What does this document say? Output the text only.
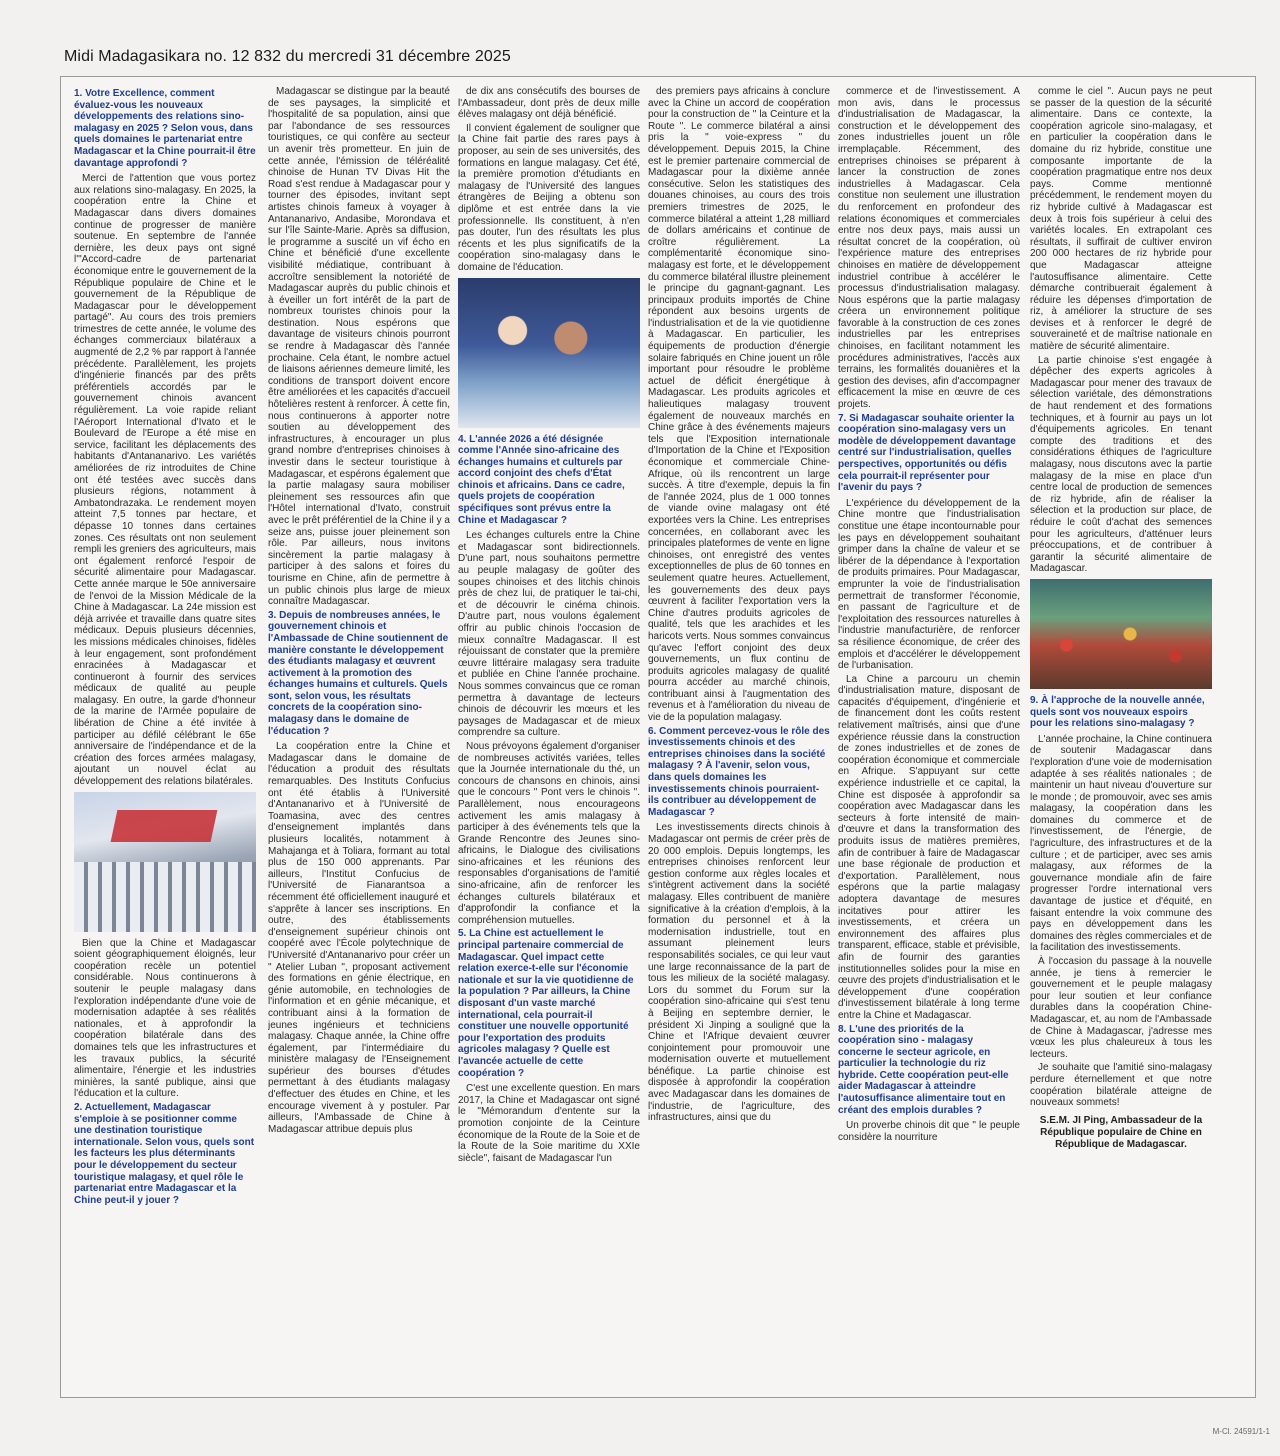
Midi Madagasikara no. 12 832 du mercredi 31 décembre 2025
1. Votre Excellence, comment évaluez-vous les nouveaux développements des relations sino-malagasy en 2025 ? Selon vous, dans quels domaines le partenariat entre Madagascar et la Chine pourrait-il être davantage approfondi ?

Merci de l'attention que vous portez aux relations sino-malagasy. En 2025, la coopération entre la Chine et Madagascar dans divers domaines continue de progresser de manière soutenue. En septembre de l'année dernière, les deux pays ont signé l'"Accord-cadre de partenariat économique entre le gouvernement de la République populaire de Chine et le gouvernement de la République de Madagascar pour le développement partagé". Au cours des trois premiers trimestres de cette année, le volume des échanges commerciaux bilatéraux a augmenté de 2,2 % par rapport à l'année précédente. Parallèlement, les projets d'ingénierie financés par des prêts préférentiels accordés par le gouvernement chinois avancent régulièrement. La voie rapide reliant l'Aéroport International d'Ivato et le Boulevard de l'Europe a été mise en service, facilitant les déplacements des habitants d'Antananarivo. Les variétés améliorées de riz introduites de Chine ont été testées avec succès dans plusieurs régions, notamment à Ambatondrazaka. Le rendement moyen atteint 7,5 tonnes par hectare, et dépasse 10 tonnes dans certaines zones. Ces résultats ont non seulement rempli les greniers des agriculteurs, mais ont également renforcé l'espoir de sécurité alimentaire pour Madagascar. Cette année marque le 50e anniversaire de l'envoi de la Mission Médicale de la Chine à Madagascar. La 24e mission est déjà arrivée et travaille dans quatre sites médicaux. Depuis plusieurs décennies, les missions médicales chinoises, fidèles à leur engagement, sont profondément enracinées à Madagascar et continueront à fournir des services médicaux de qualité au peuple malagasy. En outre, la garde d'honneur de la marine de l'Armée populaire de libération de Chine a été invitée à participer au défilé célébrant le 65e anniversaire de l'indépendance et de la création des forces armées malagasy, ajoutant un nouvel éclat au développement des relations bilatérales.

Bien que la Chine et Madagascar soient géographiquement éloignés, leur coopération recèle un potentiel considérable. Nous continuerons à soutenir le peuple malagasy dans l'exploration indépendante d'une voie de modernisation adaptée à ses réalités nationales, et à approfondir la coopération bilatérale dans des domaines tels que les infrastructures et les travaux publics, la sécurité alimentaire, l'énergie et les industries minières, la santé publique, ainsi que l'éducation et la culture.

2. Actuellement, Madagascar s'emploie à se positionner comme une destination touristique internationale. Selon vous, quels sont les facteurs les plus déterminants pour le développement du secteur touristique malagasy, et quel rôle le partenariat entre Madagascar et la Chine peut-il y jouer ?

Madagascar se distingue par la beauté de ses paysages, la simplicité et l'hospitalité de sa population, ainsi que par l'abondance de ses ressources touristiques, ce qui confère au secteur un avenir très prometteur. En juin de cette année, l'émission de téléréalité chinoise de Hunan TV Divas Hit the Road s'est rendue à Madagascar pour y tourner des épisodes, invitant sept artistes chinois fameux à voyager à Antananarivo, Andasibe, Morondava et sur l'île Sainte-Marie. Après sa diffusion, le programme a suscité un vif écho en Chine et bénéficié d'une excellente visibilité médiatique, contribuant à accroître sensiblement la notoriété de Madagascar auprès du public chinois et à éveiller un fort intérêt de la part de nombreux touristes chinois pour la destination. Nous espérons que davantage de visiteurs chinois pourront se rendre à Madagascar dès l'année prochaine. Cela étant, le nombre actuel de liaisons aériennes demeure limité, les conditions de transport doivent encore être améliorées et les capacités d'accueil hôtelières restent à renforcer. À cette fin, nous continuerons à apporter notre soutien au développement des infrastructures, à encourager un plus grand nombre d'entreprises chinoises à investir dans le secteur touristique à Madagascar, et espérons également que la partie malagasy saura mobiliser pleinement ses ressources afin que l'Hôtel international d'Ivato, construit avec le prêt préférentiel de la Chine il y a seize ans, puisse jouer pleinement son rôle. Par ailleurs, nous invitons sincèrement la partie malagasy à participer à des salons et foires du tourisme en Chine, afin de permettre à un public chinois plus large de mieux connaître Madagascar.

3. Depuis de nombreuses années, le gouvernement chinois et l'Ambassade de Chine soutiennent de manière constante le développement des étudiants malagasy et œuvrent activement à la promotion des échanges humains et culturels. Quels sont, selon vous, les résultats concrets de la coopération sino-malagasy dans le domaine de l'éducation ?

La coopération entre la Chine et Madagascar dans le domaine de l'éducation a produit des résultats remarquables. Des Instituts Confucius ont été établis à l'Université d'Antananarivo et à l'Université de Toamasina, avec des centres d'enseignement implantés dans plusieurs localités, notamment à Mahajanga et à Toliara, formant au total plus de 150 000 apprenants. Par ailleurs, l'Institut Confucius de l'Université de Fianarantsoa a récemment été officiellement inauguré et s'apprête à lancer ses inscriptions. En outre, des établissements d'enseignement supérieur chinois ont coopéré avec l'École polytechnique de l'Université d'Antananarivo pour créer un " Atelier Luban ", proposant activement des formations en génie électrique, en génie automobile, en technologies de l'information et en génie mécanique, et contribuant ainsi à la formation de jeunes ingénieurs et techniciens malagasy. Chaque année, la Chine offre également, par l'intermédiaire du ministère malagasy de l'Enseignement supérieur des bourses d'études permettant à des étudiants malagasy d'effectuer des études en Chine, et les encourage vivement à y postuler. Par ailleurs, l'Ambassade de Chine à Madagascar attribue depuis plus

de dix ans consécutifs des bourses de l'Ambassadeur, dont près de deux mille élèves malagasy ont déjà bénéficié.

Il convient également de souligner que la Chine fait partie des rares pays à proposer, au sein de ses universités, des formations en langue malagasy. Cet été, la première promotion d'étudiants en malagasy de l'Université des langues étrangères de Beijing a obtenu son diplôme et est entrée dans la vie professionnelle. Ils constituent, à n'en pas douter, l'un des résultats les plus récents et les plus significatifs de la coopération sino-malagasy dans le domaine de l'éducation.

4. L'année 2026 a été désignée comme l'Année sino-africaine des échanges humains et culturels par accord conjoint des chefs d'État chinois et africains. Dans ce cadre, quels projets de coopération spécifiques sont prévus entre la Chine et Madagascar ?

Les échanges culturels entre la Chine et Madagascar sont bidirectionnels. D'une part, nous souhaitons permettre au peuple malagasy de goûter des soupes chinoises et des litchis chinois près de chez lui, de pratiquer le tai-chi, et de découvrir le cinéma chinois. D'autre part, nous voulons également offrir au public chinois l'occasion de mieux connaître Madagascar. Il est réjouissant de constater que la première œuvre littéraire malagasy sera traduite et publiée en Chine l'année prochaine. Nous sommes convaincus que ce roman permettra à davantage de lecteurs chinois de découvrir les mœurs et les paysages de Madagascar et de mieux comprendre sa culture.

Nous prévoyons également d'organiser de nombreuses activités variées, telles que la Journée internationale du thé, un concours de chansons en chinois, ainsi que le concours " Pont vers le chinois ". Parallèlement, nous encourageons activement les amis malagasy à participer à des événements tels que la Grande Rencontre des Jeunes sino-africains, le Dialogue des civilisations sino-africaines et les réunions des responsables d'organisations de l'amitié sino-africaine, afin de renforcer les échanges culturels bilatéraux et d'approfondir la confiance et la compréhension mutuelles.

5. La Chine est actuellement le principal partenaire commercial de Madagascar. Quel impact cette relation exerce-t-elle sur l'économie nationale et sur la vie quotidienne de la population ? Par ailleurs, la Chine disposant d'un vaste marché international, cela pourrait-il constituer une nouvelle opportunité pour l'exportation des produits agricoles malagasy ? Quelle est l'avancée actuelle de cette coopération ?

C'est une excellente question. En mars 2017, la Chine et Madagascar ont signé le "Mémorandum d'entente sur la promotion conjointe de la Ceinture économique de la Route de la Soie et de la Route de la Soie maritime du XXIe siècle", faisant de Madagascar l'un

des premiers pays africains à conclure avec la Chine un accord de coopération pour la construction de " la Ceinture et la Route ". Le commerce bilatéral a ainsi pris la " voie-express " du développement. Depuis 2015, la Chine est le premier partenaire commercial de Madagascar pour la dixième année consécutive. Selon les statistiques des douanes chinoises, au cours des trois premiers trimestres de 2025, le commerce bilatéral a atteint 1,28 milliard de dollars américains et continue de croître régulièrement. La complémentarité économique sino-malagasy est forte, et le développement du commerce bilatéral illustre pleinement le principe du gagnant-gagnant. Les principaux produits importés de Chine répondent aux besoins urgents de l'industrialisation et de la vie quotidienne à Madagascar. En particulier, les équipements de production d'énergie solaire fabriqués en Chine jouent un rôle important pour résoudre le problème actuel de déficit énergétique à Madagascar. Les produits agricoles et halieutiques malagasy trouvent également de nouveaux marchés en Chine grâce à des événements majeurs tels que l'Exposition internationale d'Importation de la Chine et l'Exposition économique et commerciale Chine-Afrique, où ils rencontrent un large succès. À titre d'exemple, depuis la fin de l'année 2024, plus de 1 000 tonnes de viande ovine malagasy ont été exportées vers la Chine. Les entreprises concernées, en collaborant avec les principales plateformes de vente en ligne chinoises, ont enregistré des ventes exceptionnelles de plus de 60 tonnes en seulement quatre heures. Actuellement, les gouvernements des deux pays œuvrent à faciliter l'exportation vers la Chine d'autres produits agricoles de qualité, tels que les arachides et les haricots verts. Nous sommes convaincus qu'avec l'effort conjoint des deux gouvernements, un flux continu de produits agricoles malagasy de qualité pourra accéder au marché chinois, contribuant ainsi à l'augmentation des revenus et à l'amélioration du niveau de vie de la population malagasy.

6. Comment percevez-vous le rôle des investissements chinois et des entreprises chinoises dans la société malagasy ? À l'avenir, selon vous, dans quels domaines les investissements chinois pourraient-ils contribuer au développement de Madagascar ?

Les investissements directs chinois à Madagascar ont permis de créer près de 20 000 emplois. Depuis longtemps, les entreprises chinoises renforcent leur gestion conforme aux règles locales et s'intègrent activement dans la société malagasy. Elles contribuent de manière significative à la création d'emplois, à la formation du personnel et à la modernisation industrielle, tout en assumant pleinement leurs responsabilités sociales, ce qui leur vaut une large reconnaissance de la part de tous les milieux de la société malagasy. Lors du sommet du Forum sur la coopération sino-africaine qui s'est tenu à Beijing en septembre dernier, le président Xi Jinping a souligné que la Chine et l'Afrique devaient œuvrer conjointement pour promouvoir une modernisation ouverte et mutuellement bénéfique. La partie chinoise est disposée à approfondir la coopération avec Madagascar dans les domaines de l'industrie, de l'agriculture, des infrastructures, ainsi que du

commerce et de l'investissement. À mon avis, dans le processus d'industrialisation de Madagascar, la construction et le développement des zones industrielles jouent un rôle irremplaçable. Récemment, des entreprises chinoises se préparent à lancer la construction de zones industrielles à Madagascar. Cela constitue non seulement une illustration du renforcement en profondeur des relations économiques et commerciales entre nos deux pays, mais aussi un résultat concret de la coopération, où l'expérience mature des entreprises chinoises en matière de développement industriel contribue à accélérer le processus d'industrialisation malagasy. Nous espérons que la partie malagasy créera un environnement politique favorable à la construction de ces zones industrielles par les entreprises chinoises, en facilitant notamment les procédures administratives, l'accès aux terrains, les formalités douanières et la gestion des devises, afin d'accompagner efficacement la mise en œuvre de ces projets.

7. Si Madagascar souhaite orienter la coopération sino-malagasy vers un modèle de développement davantage centré sur l'industrialisation, quelles perspectives, opportunités ou défis cela pourrait-il représenter pour l'avenir du pays ?

L'expérience du développement de la Chine montre que l'industrialisation constitue une étape incontournable pour les pays en développement souhaitant grimper dans la chaîne de valeur et se libérer de la dépendance à l'exportation de produits primaires. Pour Madagascar, emprunter la voie de l'industrialisation permettrait de transformer l'économie, en passant de l'agriculture et de l'exploitation des ressources naturelles à l'industrie manufacturière, de renforcer sa résilience économique, de créer des emplois et d'accélérer le développement de l'urbanisation.

La Chine a parcouru un chemin d'industrialisation mature, disposant de capacités d'équipement, d'ingénierie et de financement dont les coûts restent relativement maîtrisés, ainsi que d'une expérience réussie dans la construction de zones industrielles et de zones de coopération économique et commerciale en Afrique. S'appuyant sur cette expérience industrielle et ce capital, la Chine est disposée à approfondir sa coopération avec Madagascar dans les secteurs à forte intensité de main-d'œuvre et dans la transformation des produits issus de matières premières, afin de contribuer à faire de Madagascar une base régionale de production et d'exportation. Parallèlement, nous espérons que la partie malagasy adoptera davantage de mesures incitatives pour attirer les investissements, et créera un environnement des affaires plus transparent, efficace, stable et prévisible, afin de fournir des garanties institutionnelles solides pour la mise en œuvre des projets d'industrialisation et le développement d'une coopération d'investissement bilatérale à long terme entre la Chine et Madagascar.

8. L'une des priorités de la coopération sino - malagasy concerne le secteur agricole, en particulier la technologie du riz hybride. Cette coopération peut-elle aider Madagascar à atteindre l'autosuffisance alimentaire tout en créant des emplois durables ?

Un proverbe chinois dit que " le peuple considère la nourriture

comme le ciel ". Aucun pays ne peut se passer de la question de la sécurité alimentaire. Dans ce contexte, la coopération agricole sino-malagasy, et en particulier la coopération dans le domaine du riz hybride, constitue une composante importante de la coopération pragmatique entre nos deux pays. Comme mentionné précédemment, le rendement moyen du riz hybride cultivé à Madagascar est deux à trois fois supérieur à celui des variétés locales. En extrapolant ces résultats, il suffirait de cultiver environ 200 000 hectares de riz hybride pour que Madagascar atteigne l'autosuffisance alimentaire. Cette démarche contribuerait également à réduire les dépenses d'importation de riz, à améliorer la structure de ses devises et à renforcer le degré de souveraineté et de maîtrise nationale en matière de sécurité alimentaire.

La partie chinoise s'est engagée à dépêcher des experts agricoles à Madagascar pour mener des travaux de sélection variétale, des démonstrations de haut rendement et des formations techniques, et à fournir au pays un lot d'équipements agricoles. En tenant compte des traditions et des considérations éthiques de l'agriculture malagasy, nous discutons avec la partie malagasy de la mise en place d'un centre local de production de semences de riz hybride, afin de réaliser la sélection et la production sur place, de réduire le coût d'achat des semences pour les agriculteurs, d'atténuer leurs préoccupations, et de contribuer à garantir la sécurité alimentaire de Madagascar.

9. À l'approche de la nouvelle année, quels sont vos nouveaux espoirs pour les relations sino-malagasy ?

L'année prochaine, la Chine continuera de soutenir Madagascar dans l'exploration d'une voie de modernisation adaptée à ses réalités nationales ; de maintenir un haut niveau d'ouverture sur le monde ; de promouvoir, avec ses amis malagasy, la coopération dans les domaines du commerce et de l'investissement, de l'énergie, de l'agriculture, des infrastructures et de la culture ; et de participer, avec ses amis malagasy, aux réformes de la gouvernance mondiale afin de faire progresser l'ordre international vers davantage de justice et d'équité, en faisant entendre la voix commune des pays en développement dans les domaines des règles commerciales et de la facilitation des investissements.

À l'occasion du passage à la nouvelle année, je tiens à remercier le gouvernement et le peuple malagasy pour leur soutien et leur confiance durables dans la coopération Chine-Madagascar, et, au nom de l'Ambassade de Chine à Madagascar, j'adresse mes vœux les plus chaleureux à tous les lecteurs.

Je souhaite que l'amitié sino-malagasy perdure éternellement et que notre coopération bilatérale atteigne de nouveaux sommets!

S.E.M. JI Ping, Ambassadeur de la République populaire de Chine en République de Madagascar.
M-Cl. 24591/1-1
